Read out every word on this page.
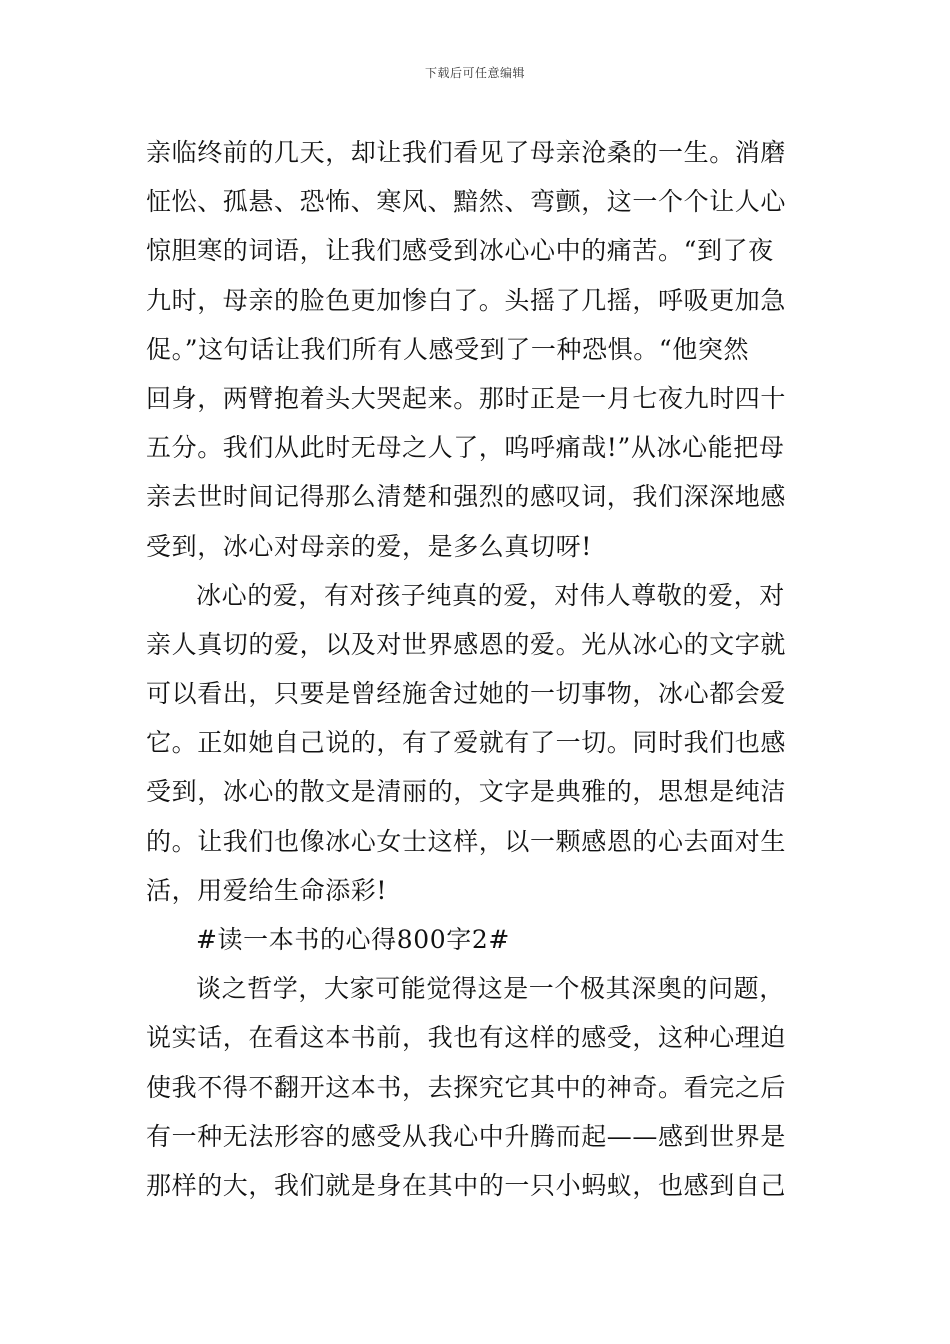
下载后可任意编辑
亲临终前的几天，却让我们看见了母亲沧桑的一生。消磨
怔忪、孤悬、恐怖、寒风、黯然、弯颤，这一个个让人心
惊胆寒的词语，让我们感受到冰心心中的痛苦。“到了夜
九时，母亲的脸色更加惨白了。头摇了几摇，呼吸更加急
促。”这句话让我们所有人感受到了一种恐惧。“他突然
回身，两臂抱着头大哭起来。那时正是一月七夜九时四十
五分。我们从此时无母之人了，呜呼痛哉!”从冰心能把母
亲去世时间记得那么清楚和强烈的感叹词，我们深深地感
受到，冰心对母亲的爱，是多么真切呀!
冰心的爱，有对孩子纯真的爱，对伟人尊敬的爱，对
亲人真切的爱，以及对世界感恩的爱。光从冰心的文字就
可以看出，只要是曾经施舍过她的一切事物，冰心都会爱
它。正如她自己说的，有了爱就有了一切。同时我们也感
受到，冰心的散文是清丽的，文字是典雅的，思想是纯洁
的。让我们也像冰心女士这样，以一颗感恩的心去面对生
活，用爱给生命添彩!
#读一本书的心得800字2#
谈之哲学，大家可能觉得这是一个极其深奥的问题，
说实话，在看这本书前，我也有这样的感受，这种心理迫
使我不得不翻开这本书，去探究它其中的神奇。看完之后
有一种无法形容的感受从我心中升腾而起——感到世界是
那样的大，我们就是身在其中的一只小蚂蚁，也感到自己
